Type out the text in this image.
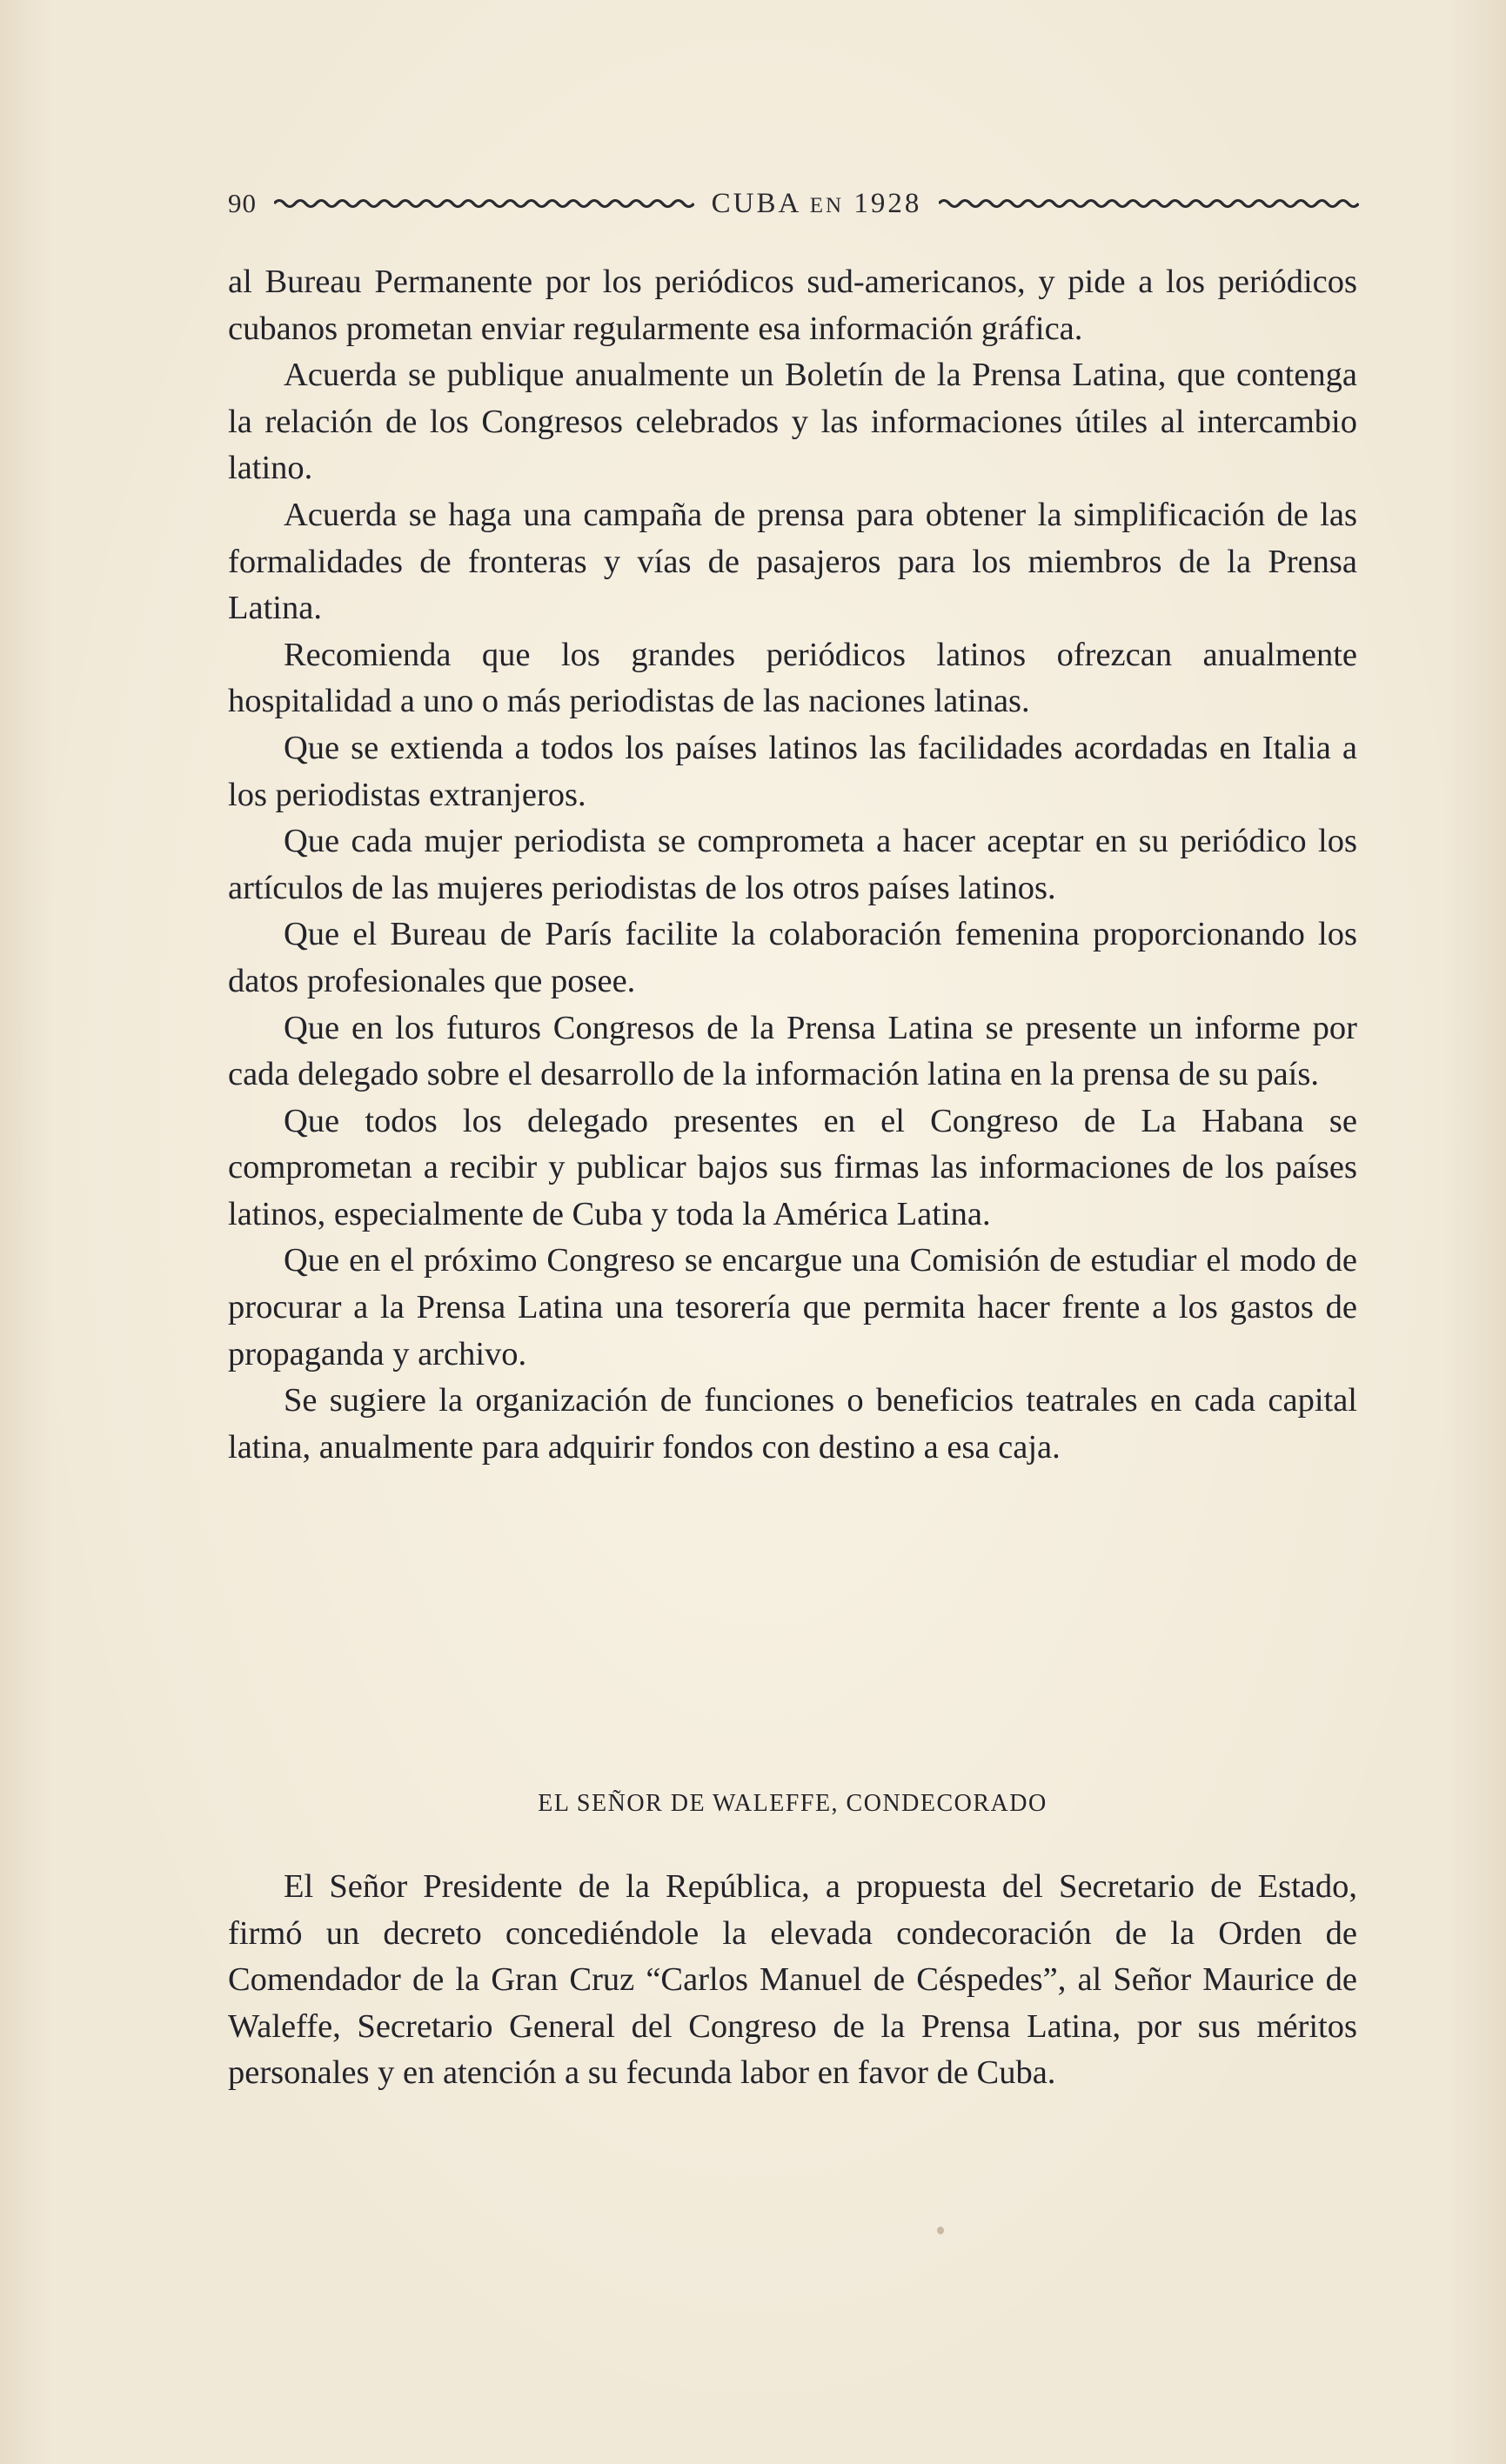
90	CUBA EN 1928

al Bureau Permanente por los periódicos sud-americanos, y pide a los periódicos cubanos prometan enviar regularmente esa información gráfica.

Acuerda se publique anualmente un Boletín de la Prensa Latina, que contenga la relación de los Congresos celebrados y las informaciones útiles al intercambio latino.

Acuerda se haga una campaña de prensa para obtener la simplificación de las formalidades de fronteras y vías de pasajeros para los miembros de la Prensa Latina.

Recomienda que los grandes periódicos latinos ofrezcan anualmente hospitalidad a uno o más periodistas de las naciones latinas.

Que se extienda a todos los países latinos las facilidades acordadas en Italia a los periodistas extranjeros.

Que cada mujer periodista se comprometa a hacer aceptar en su periódico los artículos de las mujeres periodistas de los otros países latinos.

Que el Bureau de París facilite la colaboración femenina proporcionando los datos profesionales que posee.

Que en los futuros Congresos de la Prensa Latina se presente un informe por cada delegado sobre el desarrollo de la información latina en la prensa de su país.

Que todos los delegado presentes en el Congreso de La Habana se comprometan a recibir y publicar bajos sus firmas las informaciones de los países latinos, especialmente de Cuba y toda la América Latina.

Que en el próximo Congreso se encargue una Comisión de estudiar el modo de procurar a la Prensa Latina una tesorería que permita hacer frente a los gastos de propaganda y archivo.

Se sugiere la organización de funciones o beneficios teatrales en cada capital latina, anualmente para adquirir fondos con destino a esa caja.

EL SEÑOR DE WALEFFE, CONDECORADO

El Señor Presidente de la República, a propuesta del Secretario de Estado, firmó un decreto concediéndole la elevada condecoración de la Orden de Comendador de la Gran Cruz “Carlos Manuel de Céspedes”, al Señor Maurice de Waleffe, Secretario General del Congreso de la Prensa Latina, por sus méritos personales y en atención a su fecunda labor en favor de Cuba.
